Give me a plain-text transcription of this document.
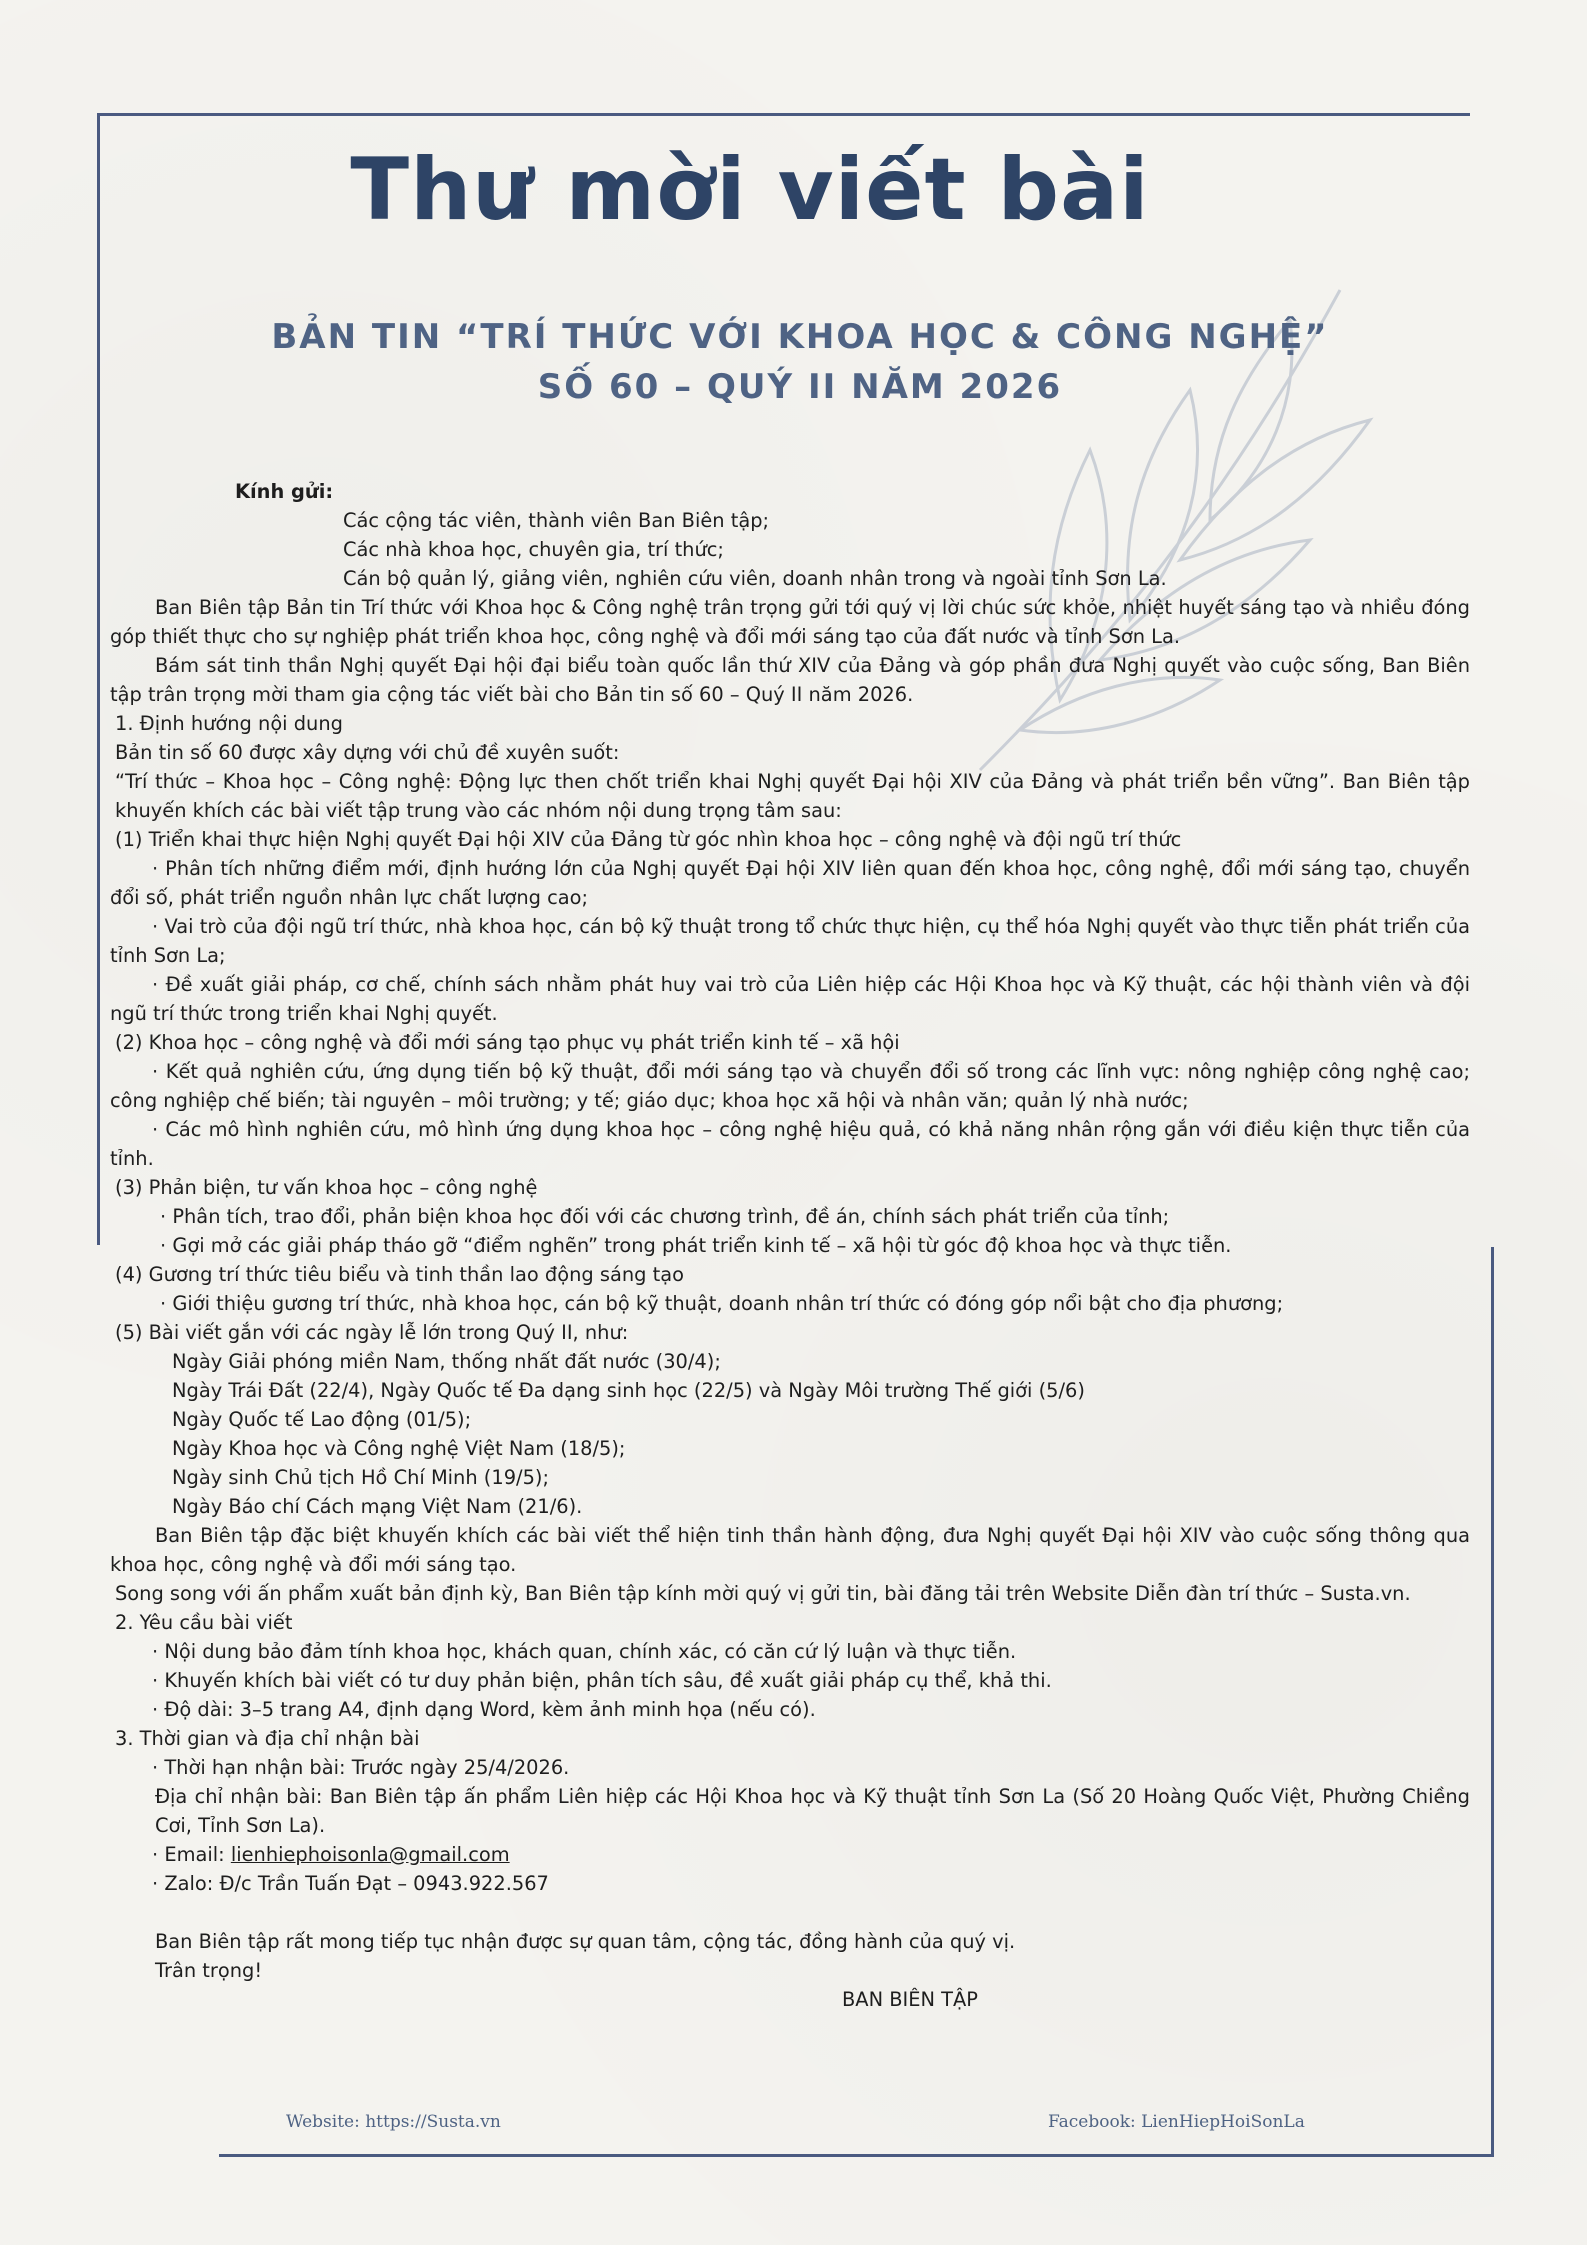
Thư mời viết bài
BẢN TIN “TRÍ THỨC VỚI KHOA HỌC & CÔNG NGHỆ”
SỐ 60 – QUÝ II NĂM 2026

Kính gửi:

Các cộng tác viên, thành viên Ban Biên tập;

Các nhà khoa học, chuyên gia, trí thức;

Cán bộ quản lý, giảng viên, nghiên cứu viên, doanh nhân trong và ngoài tỉnh Sơn La.

Ban Biên tập Bản tin Trí thức với Khoa học & Công nghệ trân trọng gửi tới quý vị lời chúc sức khỏe, nhiệt huyết sáng tạo và nhiều đóng góp thiết thực cho sự nghiệp phát triển khoa học, công nghệ và đổi mới sáng tạo của đất nước và tỉnh Sơn La.

Bám sát tinh thần Nghị quyết Đại hội đại biểu toàn quốc lần thứ XIV của Đảng và góp phần đưa Nghị quyết vào cuộc sống, Ban Biên tập trân trọng mời tham gia cộng tác viết bài cho Bản tin số 60 – Quý II năm 2026.

1. Định hướng nội dung

Bản tin số 60 được xây dựng với chủ đề xuyên suốt:

“Trí thức – Khoa học – Công nghệ: Động lực then chốt triển khai Nghị quyết Đại hội XIV của Đảng và phát triển bền vững”. Ban Biên tập khuyến khích các bài viết tập trung vào các nhóm nội dung trọng tâm sau:

(1) Triển khai thực hiện Nghị quyết Đại hội XIV của Đảng từ góc nhìn khoa học – công nghệ và đội ngũ trí thức

· Phân tích những điểm mới, định hướng lớn của Nghị quyết Đại hội XIV liên quan đến khoa học, công nghệ, đổi mới sáng tạo, chuyển đổi số, phát triển nguồn nhân lực chất lượng cao;

· Vai trò của đội ngũ trí thức, nhà khoa học, cán bộ kỹ thuật trong tổ chức thực hiện, cụ thể hóa Nghị quyết vào thực tiễn phát triển của tỉnh Sơn La;

· Đề xuất giải pháp, cơ chế, chính sách nhằm phát huy vai trò của Liên hiệp các Hội Khoa học và Kỹ thuật, các hội thành viên và đội ngũ trí thức trong triển khai Nghị quyết.

(2) Khoa học – công nghệ và đổi mới sáng tạo phục vụ phát triển kinh tế – xã hội

· Kết quả nghiên cứu, ứng dụng tiến bộ kỹ thuật, đổi mới sáng tạo và chuyển đổi số trong các lĩnh vực: nông nghiệp công nghệ cao; công nghiệp chế biến; tài nguyên – môi trường; y tế; giáo dục; khoa học xã hội và nhân văn; quản lý nhà nước;

· Các mô hình nghiên cứu, mô hình ứng dụng khoa học – công nghệ hiệu quả, có khả năng nhân rộng gắn với điều kiện thực tiễn của tỉnh.

(3) Phản biện, tư vấn khoa học – công nghệ

· Phân tích, trao đổi, phản biện khoa học đối với các chương trình, đề án, chính sách phát triển của tỉnh;

· Gợi mở các giải pháp tháo gỡ “điểm nghẽn” trong phát triển kinh tế – xã hội từ góc độ khoa học và thực tiễn.

(4) Gương trí thức tiêu biểu và tinh thần lao động sáng tạo

· Giới thiệu gương trí thức, nhà khoa học, cán bộ kỹ thuật, doanh nhân trí thức có đóng góp nổi bật cho địa phương;

(5) Bài viết gắn với các ngày lễ lớn trong Quý II, như:

Ngày Giải phóng miền Nam, thống nhất đất nước (30/4);

Ngày Trái Đất (22/4), Ngày Quốc tế Đa dạng sinh học (22/5) và Ngày Môi trường Thế giới (5/6)

Ngày Quốc tế Lao động (01/5);

Ngày Khoa học và Công nghệ Việt Nam (18/5);

Ngày sinh Chủ tịch Hồ Chí Minh (19/5);

Ngày Báo chí Cách mạng Việt Nam (21/6).

Ban Biên tập đặc biệt khuyến khích các bài viết thể hiện tinh thần hành động, đưa Nghị quyết Đại hội XIV vào cuộc sống thông qua khoa học, công nghệ và đổi mới sáng tạo.

Song song với ấn phẩm xuất bản định kỳ, Ban Biên tập kính mời quý vị gửi tin, bài đăng tải trên Website Diễn đàn trí thức – Susta.vn.

2. Yêu cầu bài viết

· Nội dung bảo đảm tính khoa học, khách quan, chính xác, có căn cứ lý luận và thực tiễn.

· Khuyến khích bài viết có tư duy phản biện, phân tích sâu, đề xuất giải pháp cụ thể, khả thi.

· Độ dài: 3–5 trang A4, định dạng Word, kèm ảnh minh họa (nếu có).

3. Thời gian và địa chỉ nhận bài

· Thời hạn nhận bài: Trước ngày 25/4/2026.

Địa chỉ nhận bài: Ban Biên tập ấn phẩm Liên hiệp các Hội Khoa học và Kỹ thuật tỉnh Sơn La (Số 20 Hoàng Quốc Việt, Phường Chiềng Cơi, Tỉnh Sơn La).

· Email: lienhiephoisonla@gmail.com

· Zalo: Đ/c Trần Tuấn Đạt – 0943.922.567

Ban Biên tập rất mong tiếp tục nhận được sự quan tâm, cộng tác, đồng hành của quý vị.

Trân trọng!

BAN BIÊN TẬP

Website: https://Susta.vn	Facebook: LienHiepHoiSonLa
